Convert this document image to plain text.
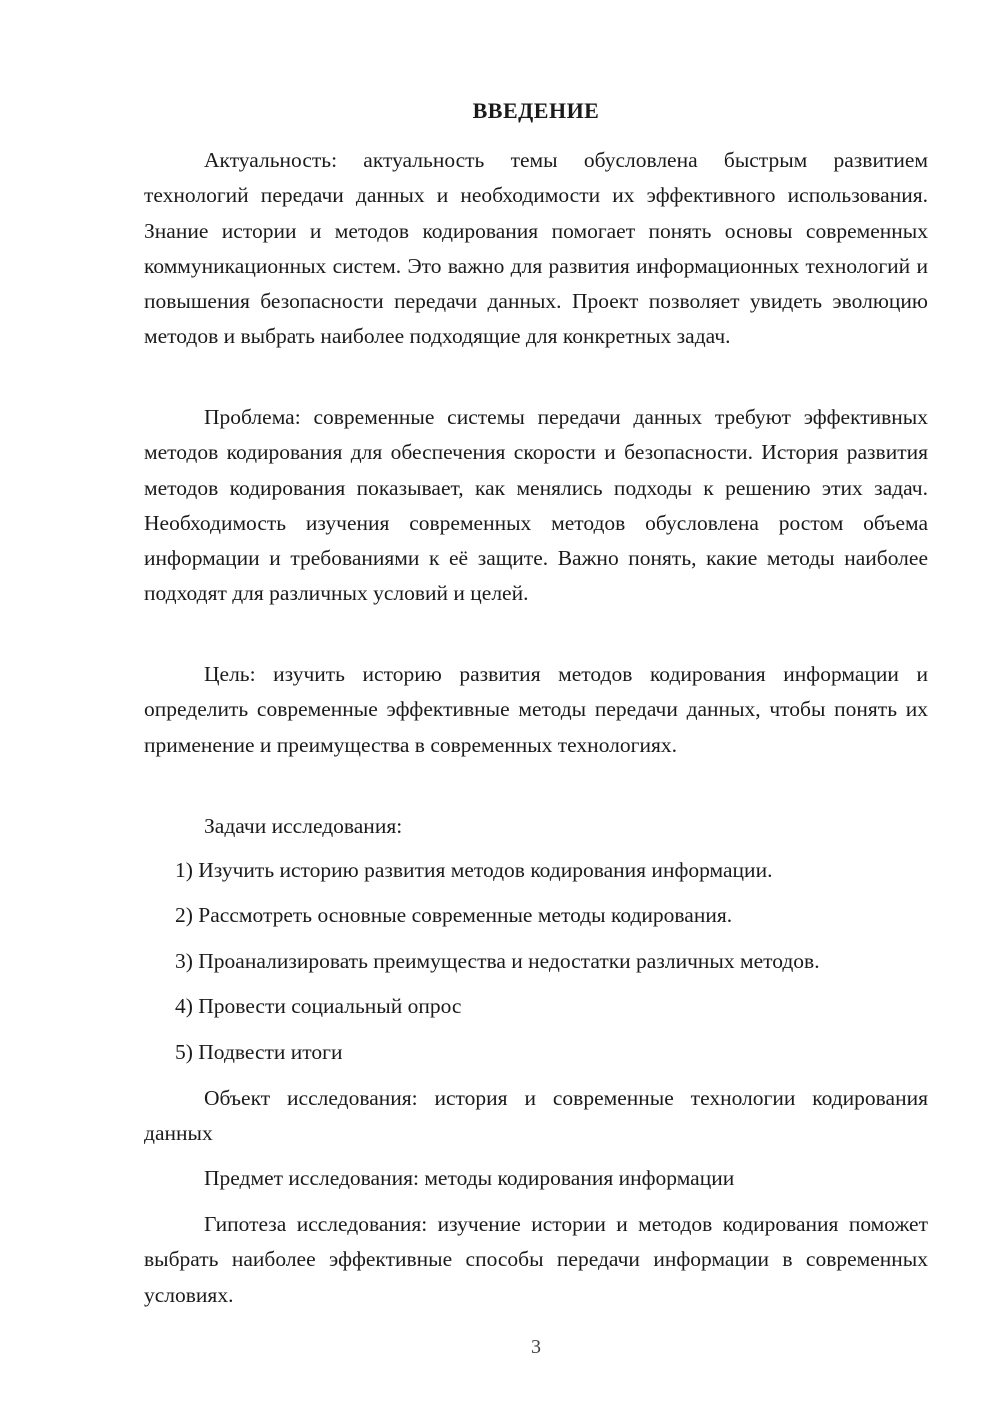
ВВЕДЕНИЕ

Актуальность: актуальность темы обусловлена быстрым развитием технологий передачи данных и необходимости их эффективного использования. Знание истории и методов кодирования помогает понять основы современных коммуникационных систем. Это важно для развития информационных технологий и повышения безопасности передачи данных. Проект позволяет увидеть эволюцию методов и выбрать наиболее подходящие для конкретных задач.

Проблема: современные системы передачи данных требуют эффективных методов кодирования для обеспечения скорости и безопасности. История развития методов кодирования показывает, как менялись подходы к решению этих задач. Необходимость изучения современных методов обусловлена ростом объема информации и требованиями к её защите. Важно понять, какие методы наиболее подходят для различных условий и целей.

Цель: изучить историю развития методов кодирования информации и определить современные эффективные методы передачи данных, чтобы понять их применение и преимущества в современных технологиях.

Задачи исследования:

1) Изучить историю развития методов кодирования информации.

2) Рассмотреть основные современные методы кодирования.

3) Проанализировать преимущества и недостатки различных методов.

4) Провести социальный опрос

5) Подвести итоги

Объект исследования: история и современные технологии кодирования данных

Предмет исследования: методы кодирования информации

Гипотеза исследования: изучение истории и методов кодирования поможет выбрать наиболее эффективные способы передачи информации в современных условиях.

3
